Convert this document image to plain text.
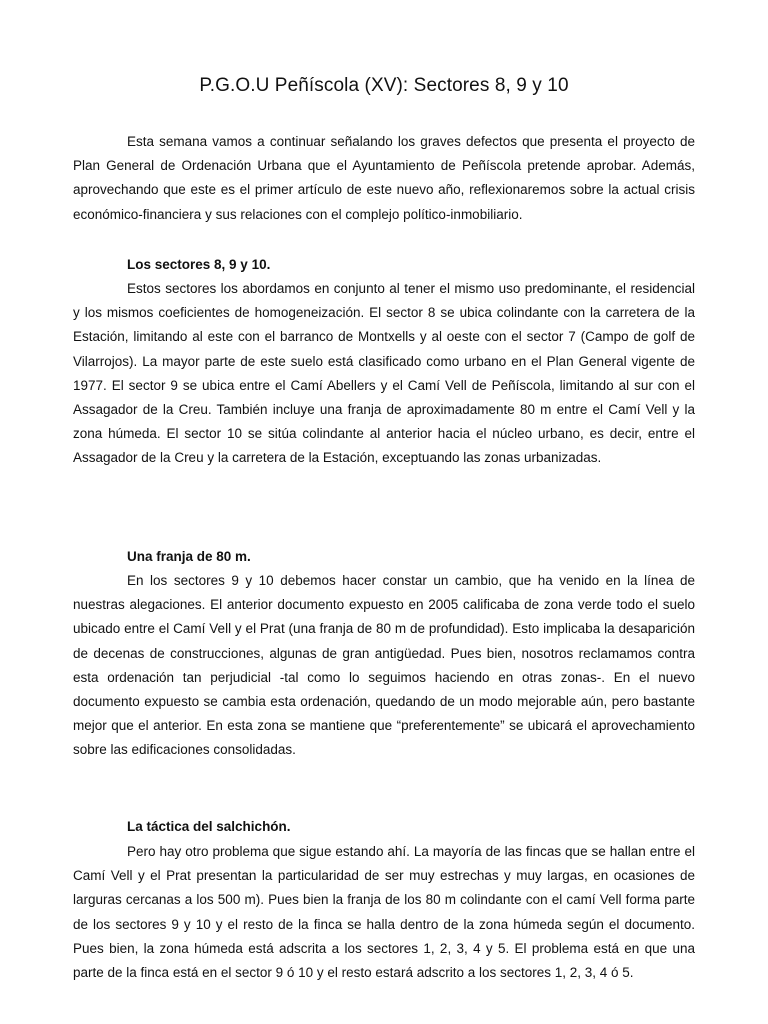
P.G.O.U Peñíscola (XV): Sectores 8, 9 y 10

Esta semana vamos a continuar señalando los graves defectos que presenta el proyecto de Plan General de Ordenación Urbana que el Ayuntamiento de Peñíscola pretende aprobar. Además, aprovechando que este es el primer artículo de este nuevo año, reflexionaremos sobre la actual crisis económico-financiera y sus relaciones con el complejo político-inmobiliario.

Los sectores 8, 9 y 10.

Estos sectores los abordamos en conjunto al tener el mismo uso predominante, el residencial y los mismos coeficientes de homogeneización. El sector 8 se ubica colindante con la carretera de la Estación, limitando al este con el barranco de Montxells y al oeste con el sector 7 (Campo de golf de Vilarrojos). La mayor parte de este suelo está clasificado como urbano en el Plan General vigente de 1977. El sector 9 se ubica entre el Camí Abellers y el Camí Vell de Peñíscola, limitando al sur con el Assagador de la Creu. También incluye una franja de aproximadamente 80 m entre el Camí Vell y la zona húmeda. El sector 10 se sitúa colindante al anterior hacia el núcleo urbano, es decir, entre el Assagador de la Creu y la carretera de la Estación, exceptuando las zonas urbanizadas.

Una franja de 80 m.

En los sectores 9 y 10 debemos hacer constar un cambio, que ha venido en la línea de nuestras alegaciones. El anterior documento expuesto en 2005 calificaba de zona verde todo el suelo ubicado entre el Camí Vell y el Prat (una franja de 80 m de profundidad). Esto implicaba la desaparición de decenas de construcciones, algunas de gran antigüedad. Pues bien, nosotros reclamamos contra esta ordenación tan perjudicial -tal como lo seguimos haciendo en otras zonas-. En el nuevo documento expuesto se cambia esta ordenación, quedando de un modo mejorable aún, pero bastante mejor que el anterior. En esta zona se mantiene que “preferentemente” se ubicará el aprovechamiento sobre las edificaciones consolidadas.

La táctica del salchichón.

Pero hay otro problema que sigue estando ahí. La mayoría de las fincas que se hallan entre el Camí Vell y el Prat presentan la particularidad de ser muy estrechas y muy largas, en ocasiones de larguras cercanas a los 500 m). Pues bien la franja de los 80 m colindante con el camí Vell forma parte de los sectores 9 y 10 y el resto de la finca se halla dentro de la zona húmeda según el documento. Pues bien, la zona húmeda está adscrita a los sectores 1, 2, 3, 4 y 5. El problema está en que una parte de la finca está en el sector 9 ó 10 y el resto estará adscrito a los sectores 1, 2, 3, 4 ó 5.
